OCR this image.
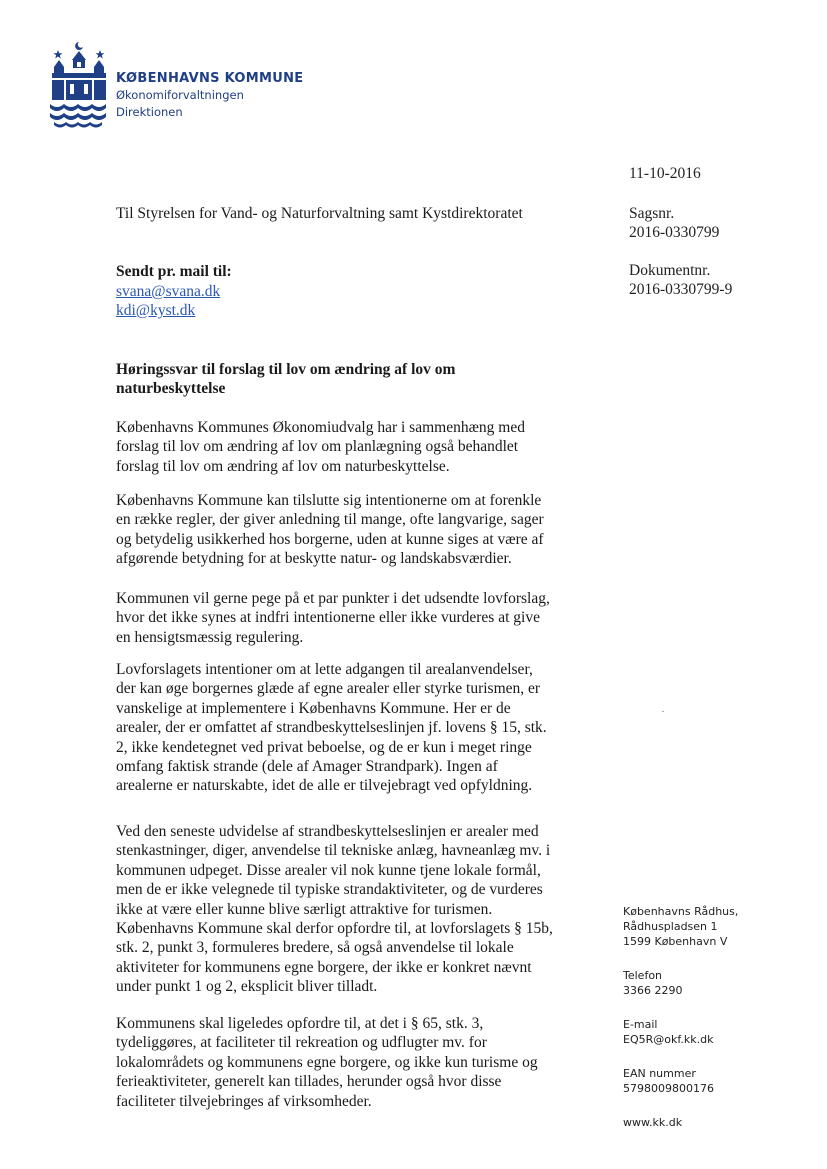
KØBENHAVNS KOMMUNE
Økonomiforvaltningen
Direktionen
11-10-2016
Sagsnr.
2016-0330799
Dokumentnr.
2016-0330799-9
Til Styrelsen for Vand- og Naturforvaltning samt Kystdirektoratet
Sendt pr. mail til:
svana@svana.dk
kdi@kyst.dk
Høringssvar til forslag til lov om ændring af lov om
naturbeskyttelse

Københavns Kommunes Økonomiudvalg har i sammenhæng med

forslag til lov om ændring af lov om planlægning også behandlet

forslag til lov om ændring af lov om naturbeskyttelse.

Københavns Kommune kan tilslutte sig intentionerne om at forenkle

en række regler, der giver anledning til mange, ofte langvarige, sager

og betydelig usikkerhed hos borgerne, uden at kunne siges at være af

afgørende betydning for at beskytte natur- og landskabsværdier.

Kommunen vil gerne pege på et par punkter i det udsendte lovforslag,

hvor det ikke synes at indfri intentionerne eller ikke vurderes at give

en hensigtsmæssig regulering.

Lovforslagets intentioner om at lette adgangen til arealanvendelser,

der kan øge borgernes glæde af egne arealer eller styrke turismen, er

vanskelige at implementere i Københavns Kommune. Her er de

arealer, der er omfattet af strandbeskyttelseslinjen jf. lovens § 15, stk.

2, ikke kendetegnet ved privat beboelse, og de er kun i meget ringe

omfang faktisk strande (dele af Amager Strandpark). Ingen af

arealerne er naturskabte, idet de alle er tilvejebragt ved opfyldning.

Ved den seneste udvidelse af strandbeskyttelseslinjen er arealer med

stenkastninger, diger, anvendelse til tekniske anlæg, havneanlæg mv. i

kommunen udpeget. Disse arealer vil nok kunne tjene lokale formål,

men de er ikke velegnede til typiske strandaktiviteter, og de vurderes

ikke at være eller kunne blive særligt attraktive for turismen.

Københavns Kommune skal derfor opfordre til, at lovforslagets § 15b,

stk. 2, punkt 3, formuleres bredere, så også anvendelse til lokale

aktiviteter for kommunens egne borgere, der ikke er konkret nævnt

under punkt 1 og 2, eksplicit bliver tilladt.

Kommunens skal ligeledes opfordre til, at det i § 65, stk. 3,

tydeliggøres, at faciliteter til rekreation og udflugter mv. for

lokalområdets og kommunens egne borgere, og ikke kun turisme og

ferieaktiviteter, generelt kan tillades, herunder også hvor disse

faciliteter tilvejebringes af virksomheder.

Københavns Rådhus,

Rådhuspladsen 1

1599 København V

Telefon

3366 2290

E-mail

EQ5R@okf.kk.dk

EAN nummer

5798009800176

www.kk.dk
